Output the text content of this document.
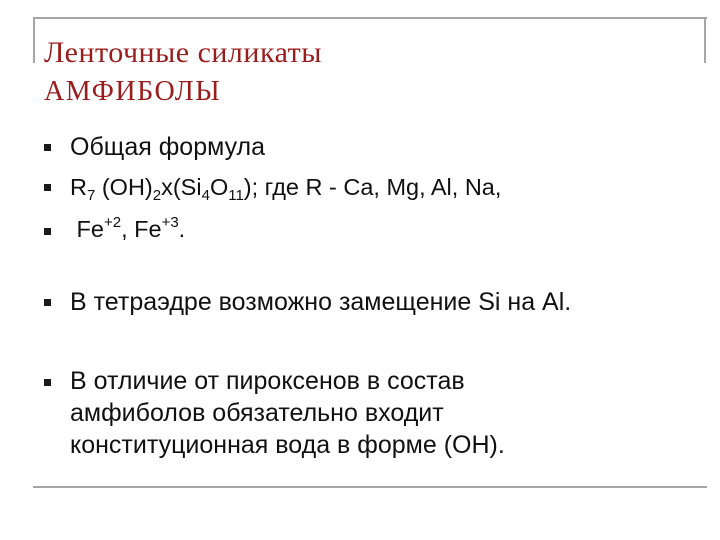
Ленточные силикаты
АМФИБОЛЫ
Общая формула
$R_7$ $(OH)_2x(Si_4O_{11})$; где R - Ca, Mg, Al, Na,
$Fe^{+2}$, $Fe^{+3}$.
В тетраэдре возможно замещение Si на Al.
В отличие от пироксенов в состав
амфиболов обязательно входит
конституционная вода в форме (OH).
